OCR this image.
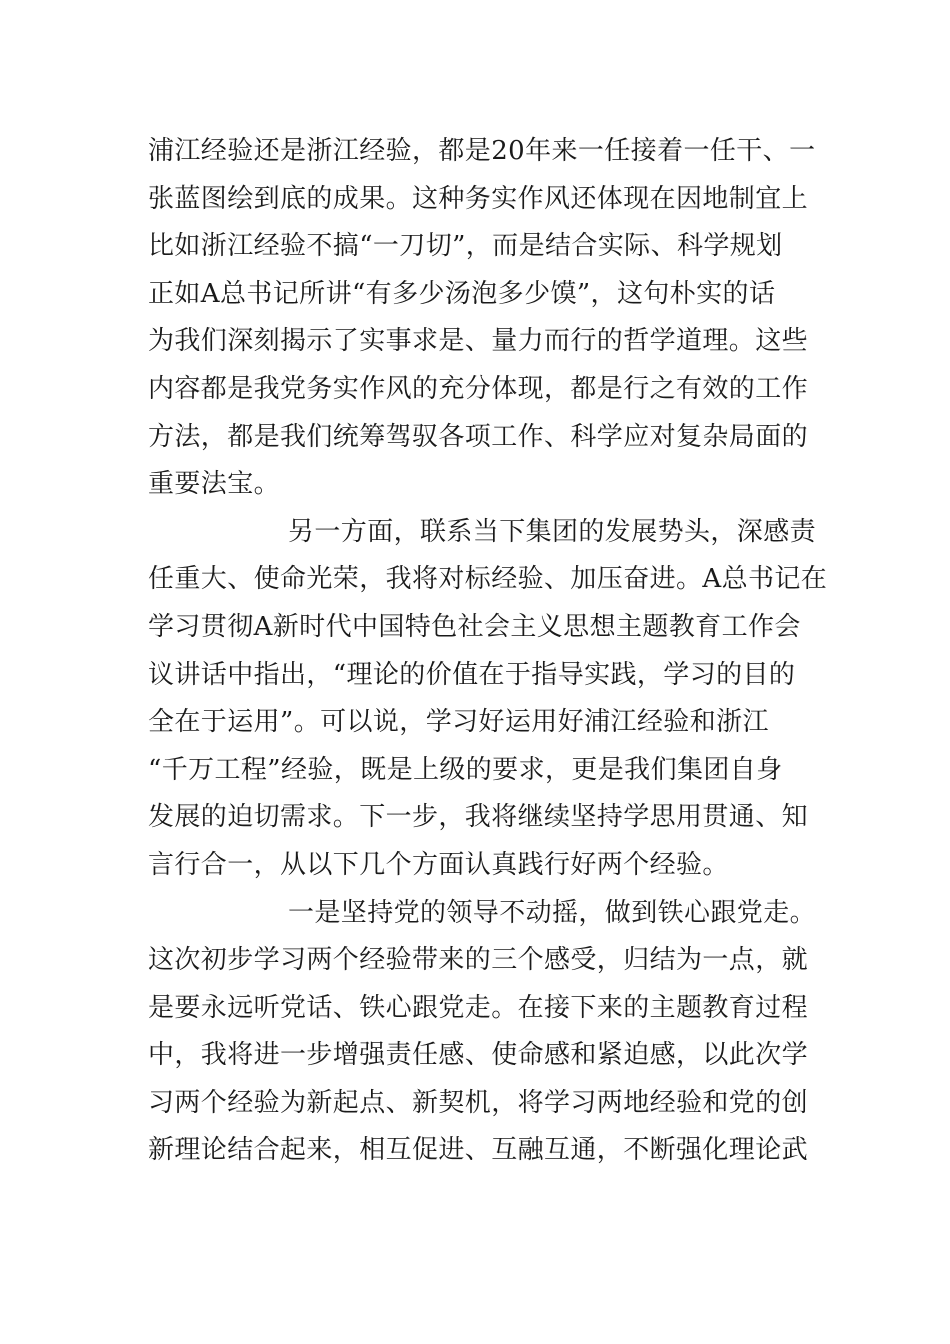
浦江经验还是浙江经验，都是20年来一任接着一任干、一
张蓝图绘到底的成果。这种务实作风还体现在因地制宜上
比如浙江经验不搞“一刀切”，而是结合实际、科学规划
正如A总书记所讲“有多少汤泡多少馍”，这句朴实的话
为我们深刻揭示了实事求是、量力而行的哲学道理。这些
内容都是我党务实作风的充分体现，都是行之有效的工作
方法，都是我们统筹驾驭各项工作、科学应对复杂局面的
重要法宝。
另一方面，联系当下集团的发展势头，深感责
任重大、使命光荣，我将对标经验、加压奋进。A总书记在
学习贯彻A新时代中国特色社会主义思想主题教育工作会
议讲话中指出，“理论的价值在于指导实践，学习的目的
全在于运用”。可以说，学习好运用好浦江经验和浙江
“千万工程”经验，既是上级的要求，更是我们集团自身
发展的迫切需求。下一步，我将继续坚持学思用贯通、知
言行合一，从以下几个方面认真践行好两个经验。
一是坚持党的领导不动摇，做到铁心跟党走。
这次初步学习两个经验带来的三个感受，归结为一点，就
是要永远听党话、铁心跟党走。在接下来的主题教育过程
中，我将进一步增强责任感、使命感和紧迫感，以此次学
习两个经验为新起点、新契机，将学习两地经验和党的创
新理论结合起来，相互促进、互融互通，不断强化理论武
